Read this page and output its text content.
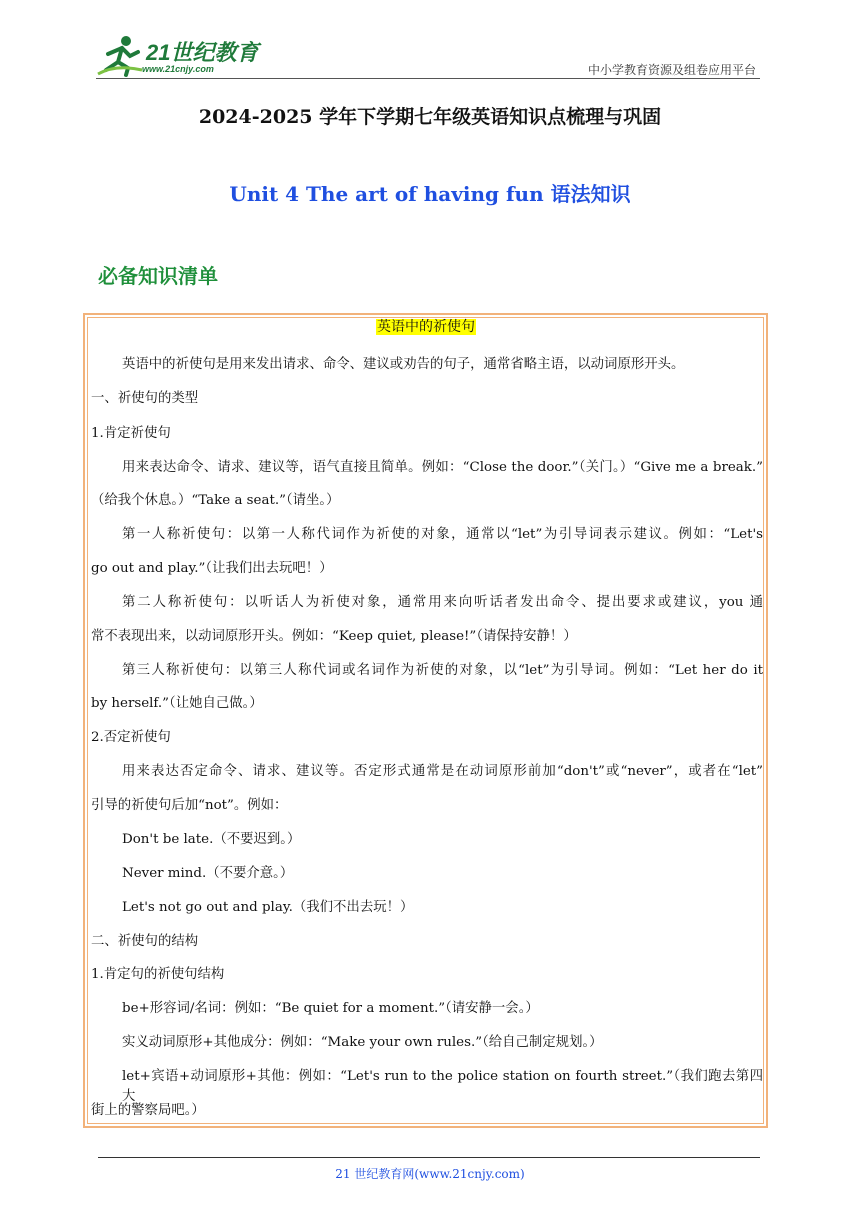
21世纪教育
www.21cnjy.com	中小学教育资源及组卷应用平台
2024-2025 学年下学期七年级英语知识点梳理与巩固
Unit 4 The art of having fun 语法知识
必备知识清单
英语中的祈使句
英语中的祈使句是用来发出请求、命令、建议或劝告的句子，通常省略主语，以动词原形开头。
一、祈使句的类型
1.肯定祈使句
用来表达命令、请求、建议等，语气直接且简单。例如：“Close the door.”（关门。）“Give me a break.”
（给我个休息。）“Take a seat.”（请坐。）
第一人称祈使句：以第一人称代词作为祈使的对象，通常以“let”为引导词表示建议。例如：“Let's
go out and play.”（让我们出去玩吧！）
第二人称祈使句：以听话人为祈使对象，通常用来向听话者发出命令、提出要求或建议，you 通
常不表现出来，以动词原形开头。例如：“Keep quiet, please!”（请保持安静！）
第三人称祈使句：以第三人称代词或名词作为祈使的对象，以“let”为引导词。例如：“Let her do it
by herself.”（让她自己做。）
2.否定祈使句
用来表达否定命令、请求、建议等。否定形式通常是在动词原形前加“don't”或“never”，或者在“let”
引导的祈使句后加“not”。例如：
Don't be late.（不要迟到。）
Never mind.（不要介意。）
Let's not go out and play.（我们不出去玩！）
二、祈使句的结构
1.肯定句的祈使句结构
be+形容词/名词：例如：“Be quiet for a moment.”（请安静一会。）
实义动词原形+其他成分：例如：“Make your own rules.”（给自己制定规划。）
let+宾语+动词原形+其他：例如：“Let's run to the police station on fourth street.”（我们跑去第四大
街上的警察局吧。）
21 世纪教育网(www.21cnjy.com)
